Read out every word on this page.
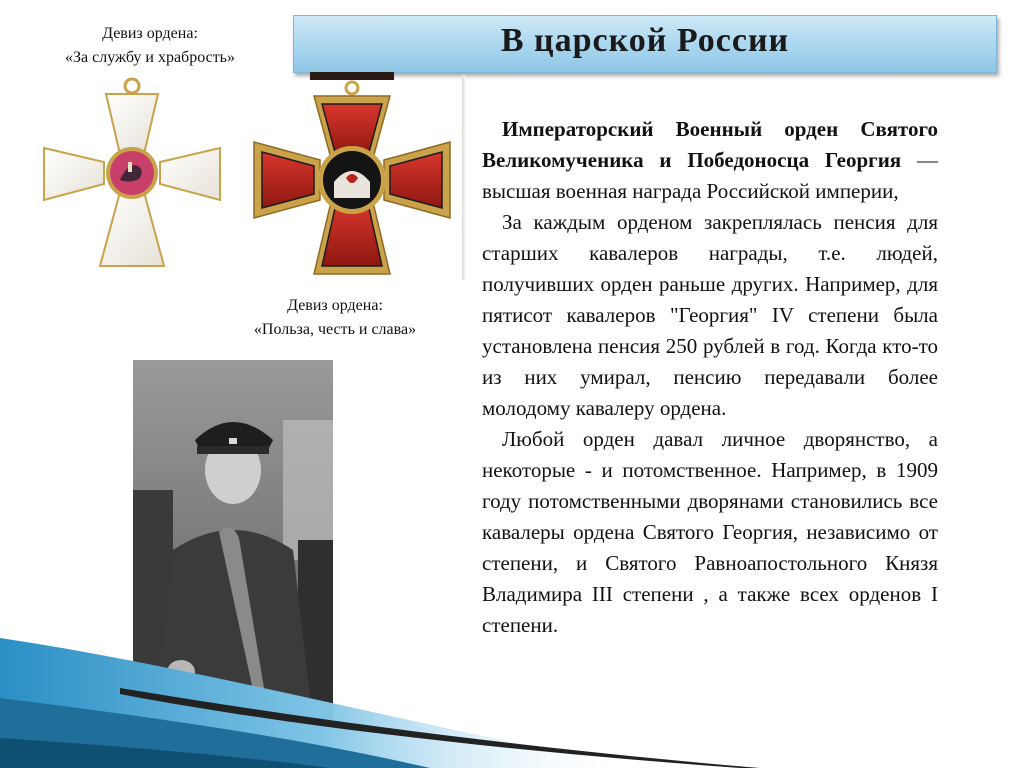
В царской России
Девиз ордена:
«За службу и храбрость»
Девиз ордена:
«Польза, честь и слава»

Императорский Военный орден Святого Великомученика и Победоносца Георгия — высшая военная награда Российской империи,

За каждым орденом закреплялась пенсия для старших кавалеров награды, т.е. людей, получивших орден раньше других. Например, для пятисот кавалеров "Георгия" IV степени была установлена пенсия 250 рублей в год. Когда кто-то из них умирал, пенсию передавали более молодому кавалеру ордена.

Любой орден давал личное дворянство, а некоторые - и потомственное. Например, в 1909 году потомственными дворянами становились все кавалеры ордена Святого Георгия, независимо от степени, и Святого Равноапостольного Князя Владимира III степени , а также всех орденов I степени.
